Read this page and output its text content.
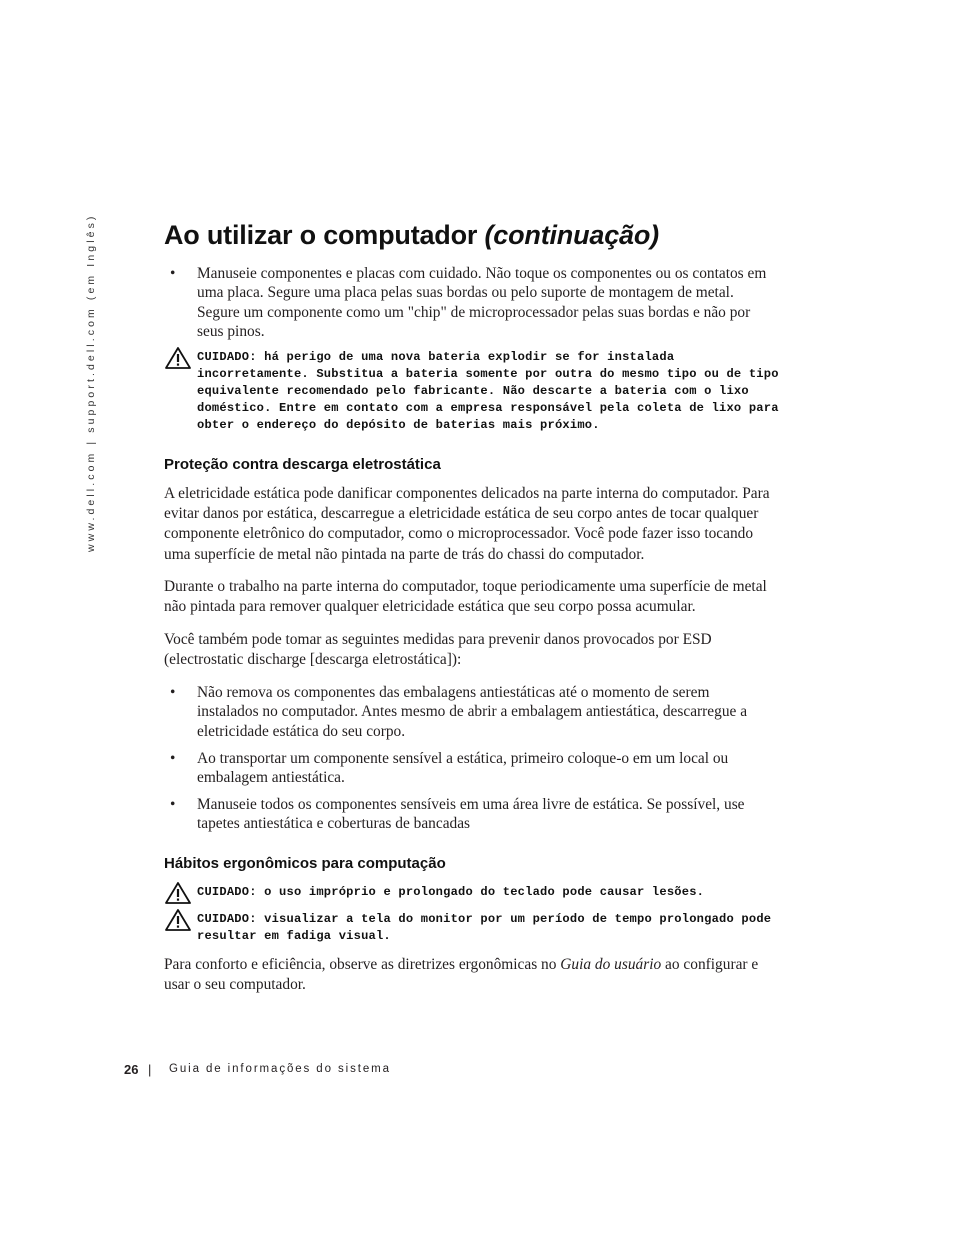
www.dell.com | support.dell.com (em Inglês)	Ao utilizar o computador (continuação)
• Manuseie componentes e placas com cuidado. Não toque os componentes ou os contatos em uma placa. Segure uma placa pelas suas bordas ou pelo suporte de montagem de metal. Segure um componente como um "chip" de microprocessador pelas suas bordas e não por seus pinos.
CUIDADO: há perigo de uma nova bateria explodir se for instalada incorretamente. Substitua a bateria somente por outra do mesmo tipo ou de tipo equivalente recomendado pelo fabricante. Não descarte a bateria com o lixo doméstico. Entre em contato com a empresa responsável pela coleta de lixo para obter o endereço do depósito de baterias mais próximo.
Proteção contra descarga eletrostática

A eletricidade estática pode danificar componentes delicados na parte interna do computador. Para evitar danos por estática, descarregue a eletricidade estática de seu corpo antes de tocar qualquer componente eletrônico do computador, como o microprocessador. Você pode fazer isso tocando uma superfície de metal não pintada na parte de trás do chassi do computador.

Durante o trabalho na parte interna do computador, toque periodicamente uma superfície de metal não pintada para remover qualquer eletricidade estática que seu corpo possa acumular.

Você também pode tomar as seguintes medidas para prevenir danos provocados por ESD (electrostatic discharge [descarga eletrostática]):

• Não remova os componentes das embalagens antiestáticas até o momento de serem instalados no computador. Antes mesmo de abrir a embalagem antiestática, descarregue a eletricidade estática do seu corpo.
• Ao transportar um componente sensível a estática, primeiro coloque-o em um local ou embalagem antiestática.
• Manuseie todos os componentes sensíveis em uma área livre de estática. Se possível, use tapetes antiestática e coberturas de bancadas
Hábitos ergonômicos para computação
CUIDADO: o uso impróprio e prolongado do teclado pode causar lesões.
CUIDADO: visualizar a tela do monitor por um período de tempo prolongado pode resultar em fadiga visual.

Para conforto e eficiência, observe as diretrizes ergonômicas no Guia do usuário ao configurar e usar o seu computador.

26 | Guia de informações do sistema
